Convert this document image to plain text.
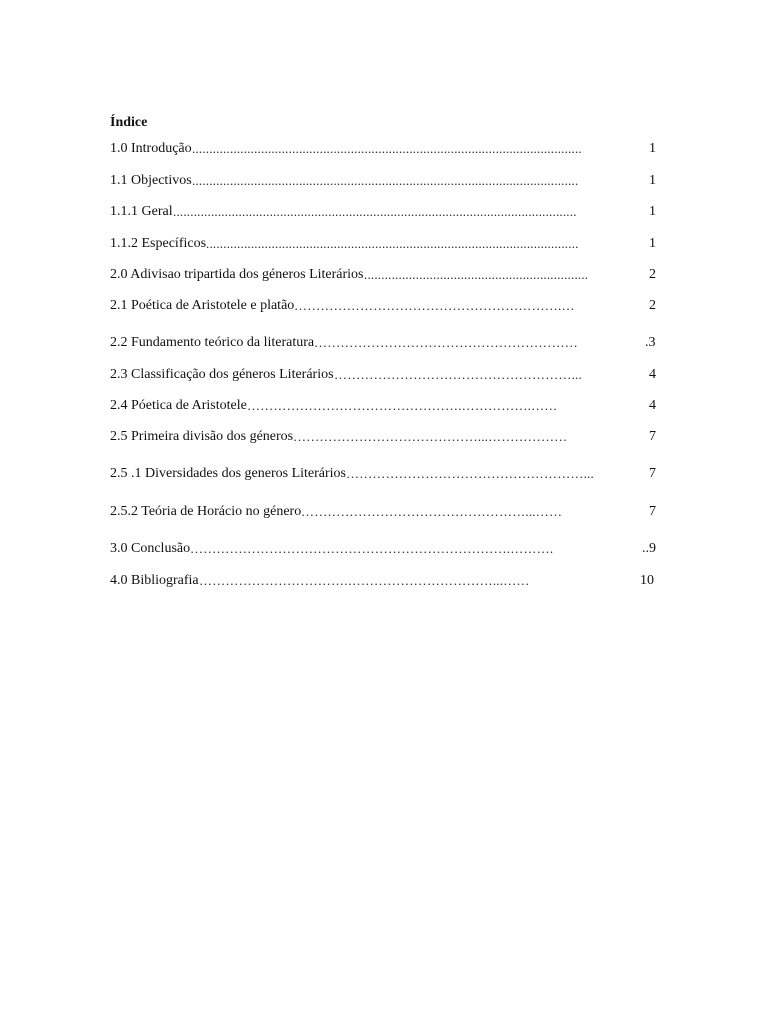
Índice
1.0 Introdução .................................................................................................................	1
1.1 Objectivos ................................................................................................................	1
1.1.1 Geral .....................................................................................................................	1
1.1.2 Específicos ............................................................................................................	1
2.0 Adivisao tripartida dos géneros Literários .................................................................	2
2.1 Poética de Aristotele e platão …………………………………………………….…	2
2.2 Fundamento teórico da literatura ……………………………………………………	.3
2.3 Classificação dos géneros Literários ………………………………………………...	4
2.4 Póetica de Aristotele ………………………………………….…………….……	4
2.5 Primeira divisão dos géneros ……………………………………...………………	7
2.5 .1 Diversidades dos generos Literários ………………………………………………...	7
2.5.2 Teória de Horácio no género ……………………………………………...……	7
3.0 Conclusão ……………………………………………………………….……….	..9
4.0 Bibliografia …………………………….……………………………...……	10
